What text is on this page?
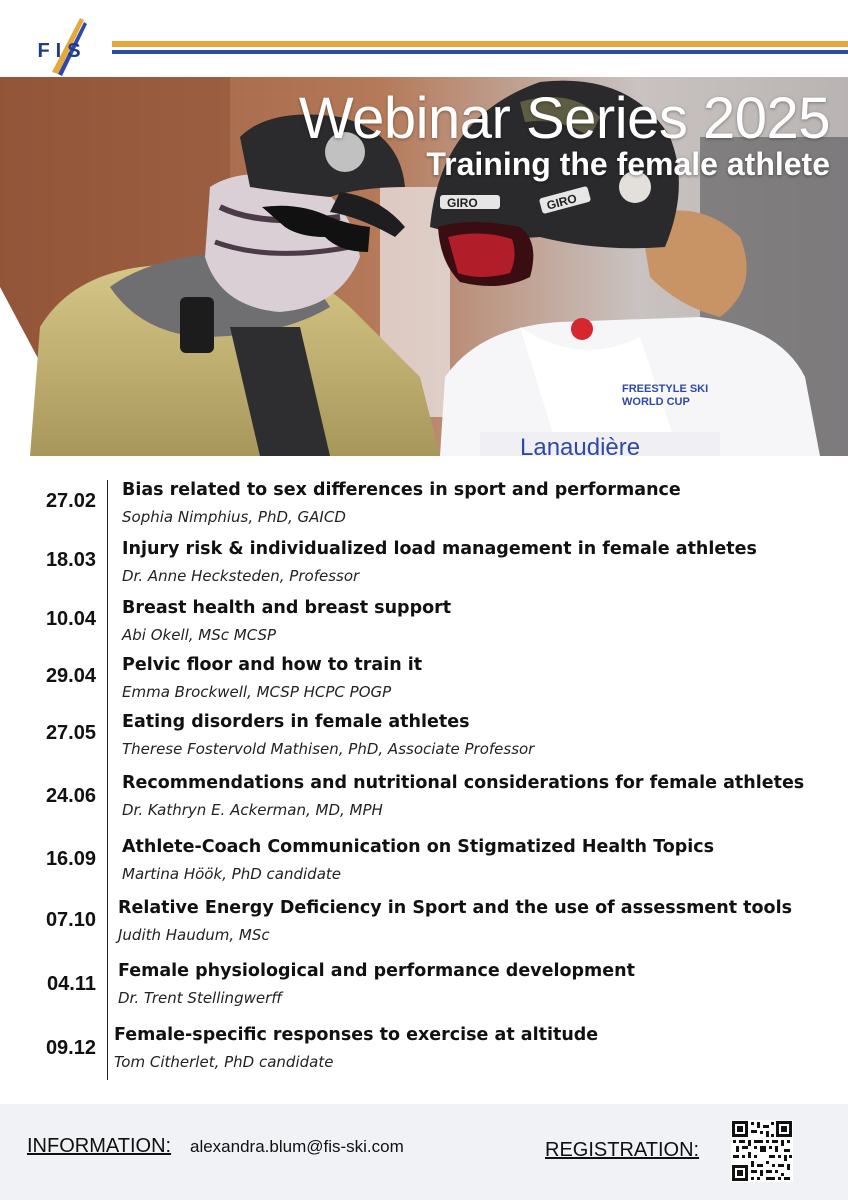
FIS
Lanaudière
FREESTYLE SKI
WORLD CUP
GIRO	GIRO
Webinar Series 2025
Training the female athlete
27.02 Bias related to sex differences in sport and performance
Sophia Nimphius, PhD, GAICD
18.03 Injury risk & individualized load management in female athletes
Dr. Anne Hecksteden, Professor
10.04 Breast health and breast support
Abi Okell, MSc MCSP
29.04 Pelvic floor and how to train it
Emma Brockwell, MCSP HCPC POGP
27.05 Eating disorders in female athletes
Therese Fostervold Mathisen, PhD, Associate Professor
24.06
Recommendations and nutritional considerations for female athletes
Dr. Kathryn E. Ackerman, MD, MPH
16.09
Athlete-Coach Communication on Stigmatized Health Topics
Martina Höök, PhD candidate
07.10
Relative Energy Deficiency in Sport and the use of assessment tools
Judith Haudum, MSc
04.11
Female physiological and performance development
Dr. Trent Stellingwerff
09.12
Female-specific responses to exercise at altitude
Tom Citherlet, PhD candidate
INFORMATION: alexandra.blum@fis-ski.com	REGISTRATION:
